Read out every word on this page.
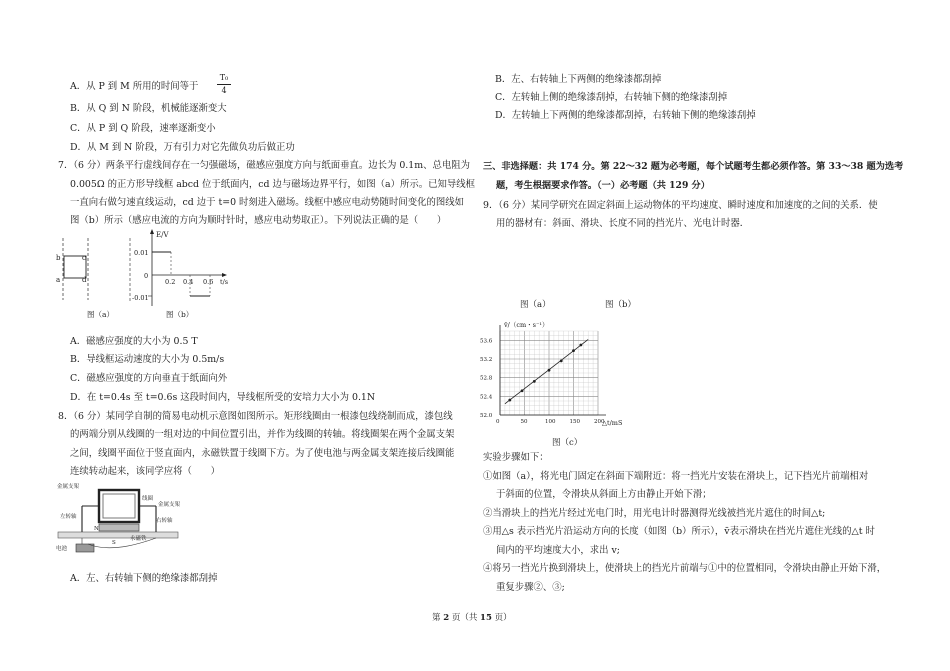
A．从 P 到 M 所用的时间等于
T₀
4
B．从 Q 到 N 阶段，机械能逐渐变大
C．从 P 到 Q 阶段，速率逐渐变小
D．从 M 到 N 阶段，万有引力对它先做负功后做正功
7．（6 分）两条平行虚线间存在一匀强磁场，磁感应强度方向与纸面垂直。边长为 0.1m、总电阻为
0.005Ω 的正方形导线框 abcd 位于纸面内，cd 边与磁场边界平行，如图（a）所示。已知导线框
一直向右做匀速直线运动，cd 边于 t=0 时刻进入磁场。线框中感应电动势随时间变化的图线如
图（b）所示（感应电流的方向为顺时针时，感应电动势取正）。下列说法正确的是（　　）
b	c
a	d
图（a）
E/V
0.01
0
-0.01
0.2 0.4 0.6 t/s
图（b）
A．磁感应强度的大小为 0.5 T
B．导线框运动速度的大小为 0.5m/s
C．磁感应强度的方向垂直于纸面向外
D．在 t=0.4s 至 t=0.6s 这段时间内，导线框所受的安培力大小为 0.1N
8．（6 分）某同学自制的简易电动机示意图如图所示。矩形线圈由一根漆包线绕制而成，漆包线
的两端分别从线圈的一组对边的中间位置引出，并作为线圈的转轴。将线圈架在两个金属支架
之间，线圈平面位于竖直面内，永磁铁置于线圈下方。为了使电池与两金属支架连接后线圈能
连续转动起来，该同学应将（　　）
N
金属支架
线圈
金属支架
左转轴
右转轴
永磁铁
电池
S
A．左、右转轴下侧的绝缘漆都刮掉
B．左、右转轴上下两侧的绝缘漆都刮掉
C．左转轴上侧的绝缘漆刮掉，右转轴下侧的绝缘漆刮掉
D．左转轴上下两侧的绝缘漆都刮掉，右转轴下侧的绝缘漆刮掉
三、非选择题：共 174 分。第 22～32 题为必考题，每个试题考生都必须作答。第 33～38 题为选考
题，考生根据要求作答。（一）必考题（共 129 分）
9．（6 分）某同学研究在固定斜面上运动物体的平均速度、瞬时速度和加速度的之间的关系．使
用的器材有：斜面、滑块、长度不同的挡光片、光电计时器．
图（a）	图（b）
0	50	100	150	200
52.0
52.4
52.8
53.2
53.6
v̄/（cm・s⁻¹）
△t/mS
图（c）
实验步骤如下：
①如图（a），将光电门固定在斜面下端附近：将一挡光片安装在滑块上，记下挡光片前端相对
于斜面的位置，令滑块从斜面上方由静止开始下滑；
②当滑块上的挡光片经过光电门时，用光电计时器测得光线被挡光片遮住的时间△t;
③用△s 表示挡光片沿运动方向的长度（如图（b）所示），v̄表示滑块在挡光片遮住光线的△t 时
间内的平均速度大小，求出 v;
④将另一挡光片换到滑块上，使滑块上的挡光片前端与①中的位置相同，令滑块由静止开始下滑，
重复步骤②、③;
第 2 页（共 15 页）
